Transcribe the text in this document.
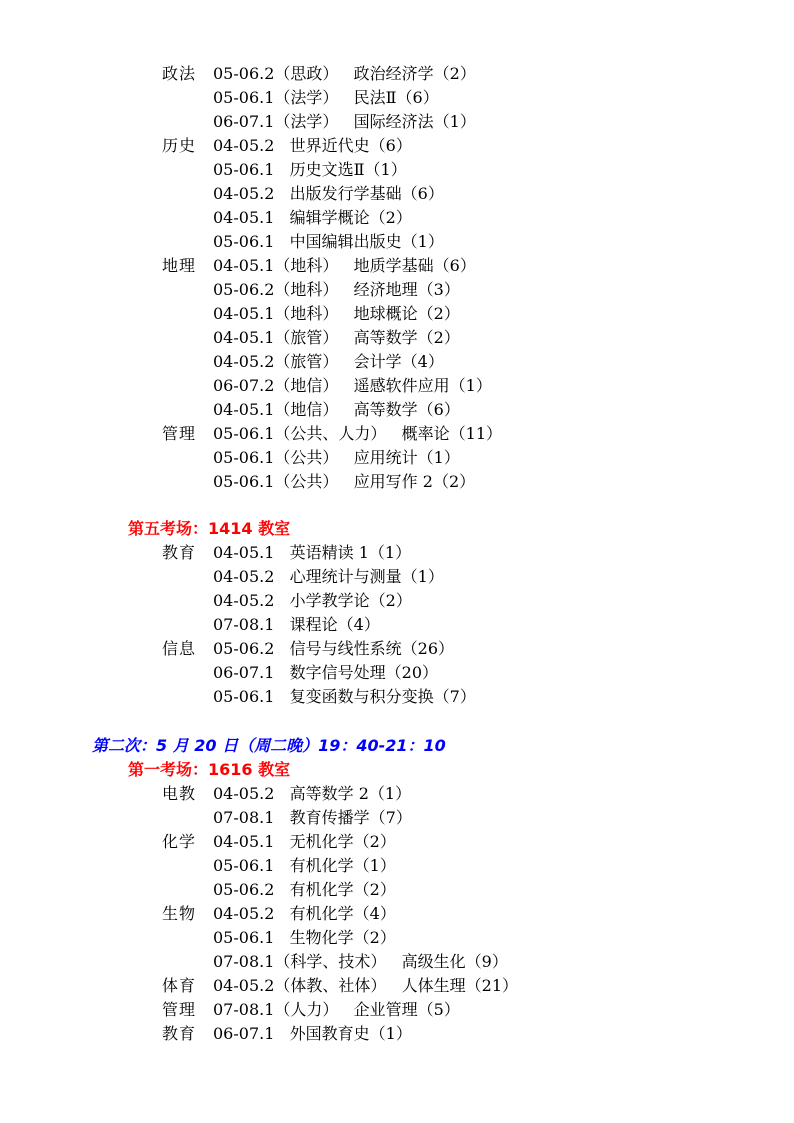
政法 05-06.2（思政） 政治经济学（2）
05-06.1（法学） 民法Ⅱ（6）
06-07.1（法学） 国际经济法（1）
历史 04-05.2 世界近代史（6）
05-06.1 历史文选Ⅱ（1）
04-05.2 出版发行学基础（6）
04-05.1 编辑学概论（2）
05-06.1 中国编辑出版史（1）
地理 04-05.1（地科） 地质学基础（6）
05-06.2（地科） 经济地理（3）
04-05.1（地科） 地球概论（2）
04-05.1（旅管） 高等数学（2）
04-05.2（旅管） 会计学（4）
06-07.2（地信） 遥感软件应用（1）
04-05.1（地信） 高等数学（6）
管理 05-06.1（公共、人力） 概率论（11）
05-06.1（公共） 应用统计（1）
05-06.1（公共） 应用写作 2（2）
第五考场：1414 教室
教育 04-05.1 英语精读 1（1）
04-05.2 心理统计与测量（1）
04-05.2 小学教学论（2）
07-08.1 课程论（4）
信息 05-06.2 信号与线性系统（26）
06-07.1 数字信号处理（20）
05-06.1 复变函数与积分变换（7）
第二次：5 月 20 日（周二晚）19：40-21：10
第一考场：1616 教室
电教 04-05.2 高等数学 2（1）
07-08.1 教育传播学（7）
化学 04-05.1 无机化学（2）
05-06.1 有机化学（1）
05-06.2 有机化学（2）
生物 04-05.2 有机化学（4）
05-06.1 生物化学（2）
07-08.1（科学、技术） 高级生化（9）
体育 04-05.2（体教、社体） 人体生理（21）
管理 07-08.1（人力） 企业管理（5）
教育 06-07.1 外国教育史（1）
